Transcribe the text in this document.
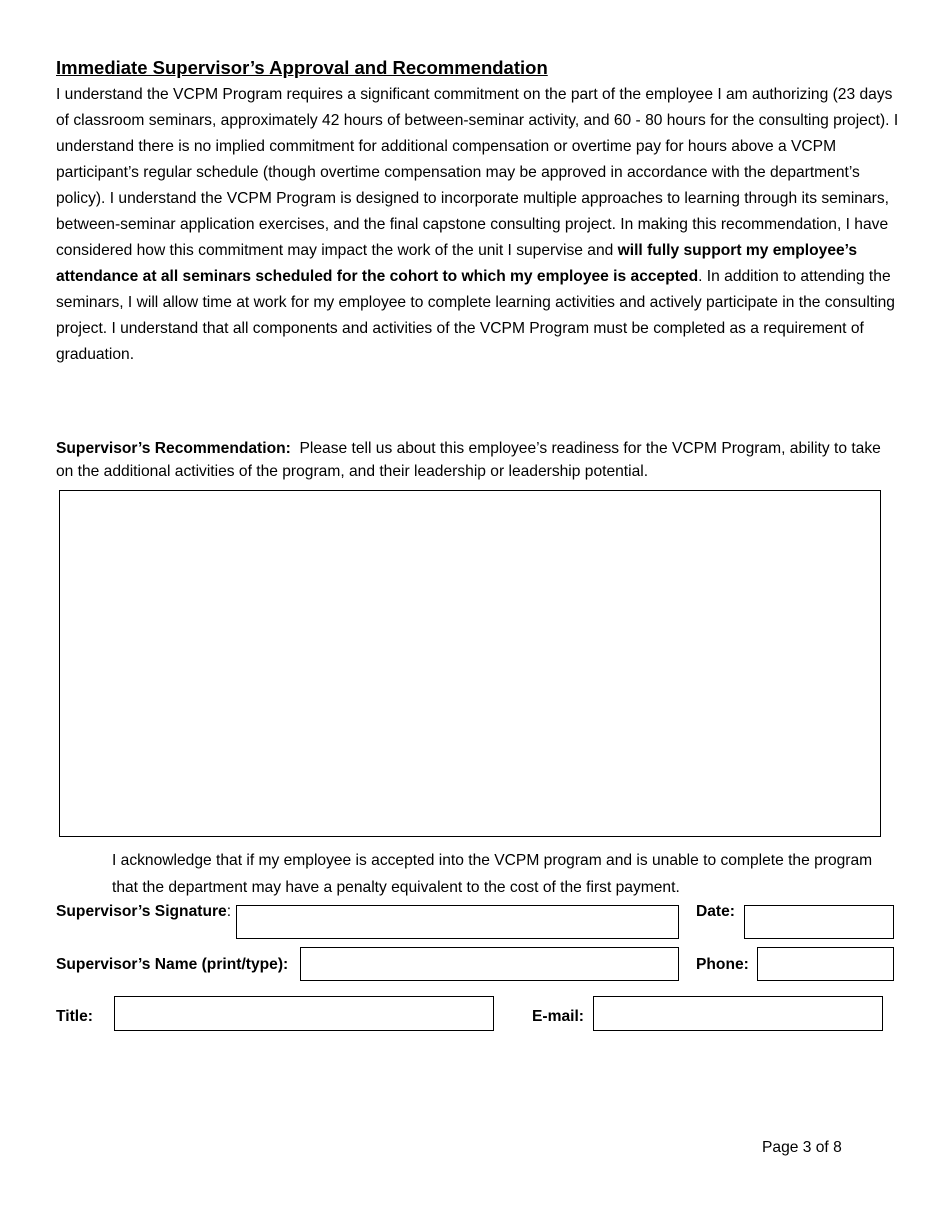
Immediate Supervisor’s Approval and Recommendation

I understand the VCPM Program requires a significant commitment on the part of the employee I am authorizing (23 days of classroom seminars, approximately 42 hours of between-seminar activity, and 60 - 80 hours for the consulting project). I understand there is no implied commitment for additional compensation or overtime pay for hours above a VCPM participant’s regular schedule (though overtime compensation may be approved in accordance with the department’s policy). I understand the VCPM Program is designed to incorporate multiple approaches to learning through its seminars, between-seminar application exercises, and the final capstone consulting project. In making this recommendation, I have considered how this commitment may impact the work of the unit I supervise and will fully support my employee’s attendance at all seminars scheduled for the cohort to which my employee is accepted. In addition to attending the seminars, I will allow time at work for my employee to complete learning activities and actively participate in the consulting project. I understand that all components and activities of the VCPM Program must be completed as a requirement of graduation.

Supervisor’s Recommendation: Please tell us about this employee’s readiness for the VCPM Program, ability to take on the additional activities of the program, and their leadership or leadership potential.

I acknowledge that if my employee is accepted into the VCPM program and is unable to complete the program that the department may have a penalty equivalent to the cost of the first payment.

Supervisor’s Signature:	Date:
Supervisor’s Name (print/type):	Phone:
Title:	E-mail:
Page 3 of 8
